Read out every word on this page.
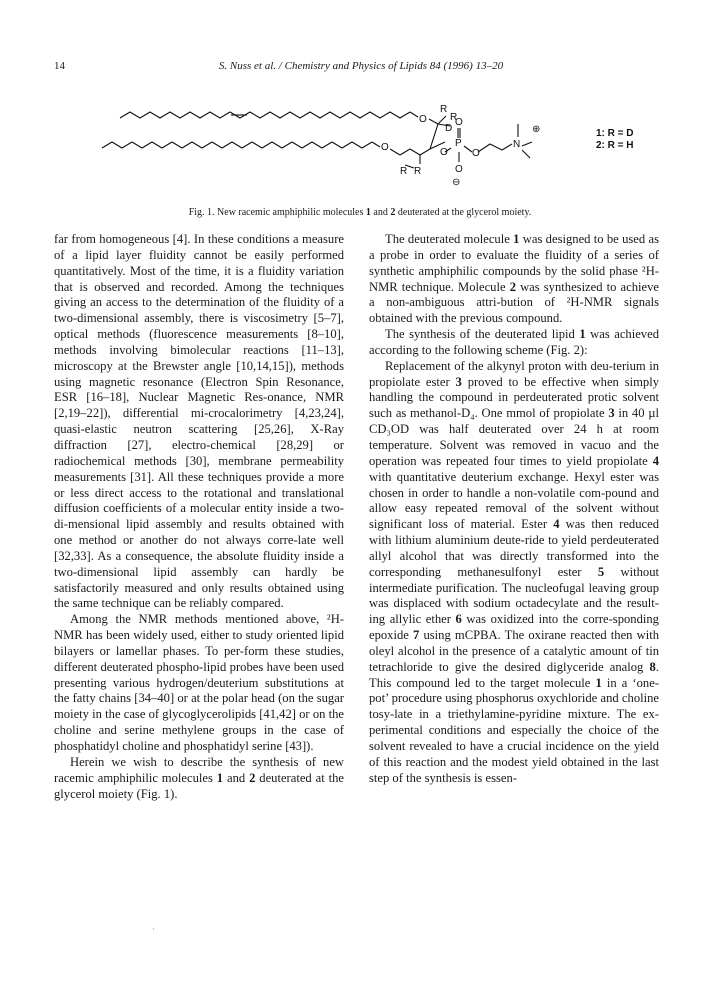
14	S. Nuss et al. / Chemistry and Physics of Lipids 84 (1996) 13–20
R
R
O
D
O
P
O	O O
R R	O
⊖
N
⊕	1: R = D
2: R = H
Fig. 1. New racemic amphiphilic molecules 1 and 2 deuterated at the glycerol moiety.

far from homogeneous [4]. In these conditions a measure of a lipid layer fluidity cannot be easily performed quantitatively. Most of the time, it is a fluidity variation that is observed and recorded. Among the techniques giving an access to the determination of the fluidity of a two-dimensional assembly, there is viscosimetry [5–7], optical methods (fluorescence measurements [8–10], methods involving bimolecular reactions [11–13], microscopy at the Brewster angle [10,14,15]), methods using magnetic resonance (Electron Spin Resonance, ESR [16–18], Nuclear Magnetic Res-onance, NMR [2,19–22]), differential mi-crocalorimetry [4,23,24], quasi-elastic neutron scattering [25,26], X-Ray diffraction [27], electro-chemical [28,29] or radiochemical methods [30], membrane permeability measurements [31]. All these techniques provide a more or less direct access to the rotational and translational diffusion coefficients of a molecular entity inside a two-di-mensional lipid assembly and results obtained with one method or another do not always corre-late well [32,33]. As a consequence, the absolute fluidity inside a two-dimensional lipid assembly can hardly be satisfactorily measured and only results obtained using the same technique can be reliably compared.

Among the NMR methods mentioned above, ²H-NMR has been widely used, either to study oriented lipid bilayers or lamellar phases. To per-form these studies, different deuterated phospho-lipid probes have been used presenting various hydrogen/deuterium substitutions at the fatty chains [34–40] or at the polar head (on the sugar moiety in the case of glycoglycerolipids [41,42] or on the choline and serine methylene groups in the case of phosphatidyl choline and phosphatidyl serine [43]).

Herein we wish to describe the synthesis of new racemic amphiphilic molecules 1 and 2 deuterated at the glycerol moiety (Fig. 1).

The deuterated molecule 1 was designed to be used as a probe in order to evaluate the fluidity of a series of synthetic amphiphilic compounds by the solid phase ²H-NMR technique. Molecule 2 was synthesized to achieve a non-ambiguous attri-bution of ²H-NMR signals obtained with the previous compound.

The synthesis of the deuterated lipid 1 was achieved according to the following scheme (Fig. 2):

Replacement of the alkynyl proton with deu-terium in propiolate ester 3 proved to be effective when simply handling the compound in perdeuterated protic solvent such as methanol-D₄. One mmol of propiolate 3 in 40 µl CD₃OD was half deuterated over 24 h at room temperature. Solvent was removed in vacuo and the operation was repeated four times to yield propiolate 4 with quantitative deuterium exchange. Hexyl ester was chosen in order to handle a non-volatile com-pound and allow easy repeated removal of the solvent without significant loss of material. Ester 4 was then reduced with lithium aluminium deute-ride to yield perdeuterated allyl alcohol that was directly transformed into the corresponding methanesulfonyl ester 5 without intermediate purification. The nucleofugal leaving group was displaced with sodium octadecylate and the result-ing allylic ether 6 was oxidized into the corre-sponding epoxide 7 using mCPBA. The oxirane reacted then with oleyl alcohol in the presence of a catalytic amount of tin tetrachloride to give the desired diglyceride analog 8. This compound led to the target molecule 1 in a ‘one-pot’ procedure using phosphorus oxychloride and choline tosy-late in a triethylamine-pyridine mixture. The ex-perimental conditions and especially the choice of the solvent revealed to have a crucial incidence on the yield of this reaction and the modest yield obtained in the last step of the synthesis is essen-

·
